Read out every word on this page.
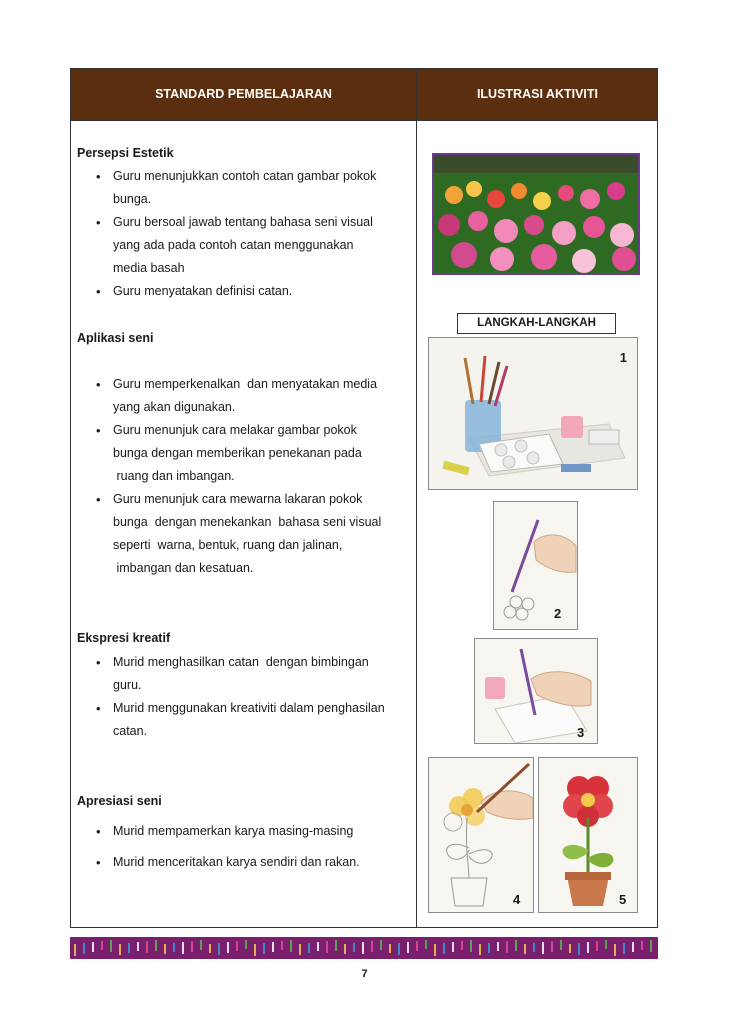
STANDARD PEMBELAJARAN	ILUSTRASI AKTIVITI
Persepsi Estetik
• Guru menunjukkan contoh catan gambar pokok
bunga.
• Guru bersoal jawab tentang bahasa seni visual
yang ada pada contoh catan menggunakan
media basah
• Guru menyatakan definisi catan.
Aplikasi seni
• Guru memperkenalkan  dan menyatakan media
yang akan digunakan.
• Guru menunjuk cara melakar gambar pokok
bunga dengan memberikan penekanan pada
ruang dan imbangan.
• Guru menunjuk cara mewarna lakaran pokok
bunga  dengan menekankan  bahasa seni visual
seperti  warna, bentuk, ruang dan jalinan,
imbangan dan kesatuan.
Ekspresi kreatif
• Murid menghasilkan catan  dengan bimbingan
guru.
• Murid menggunakan kreativiti dalam penghasilan
catan.
Apresiasi seni
• Murid mempamerkan karya masing-masing
• Murid menceritakan karya sendiri dan rakan.
LANGKAH-LANGKAH
1
2
3
4	5
7
